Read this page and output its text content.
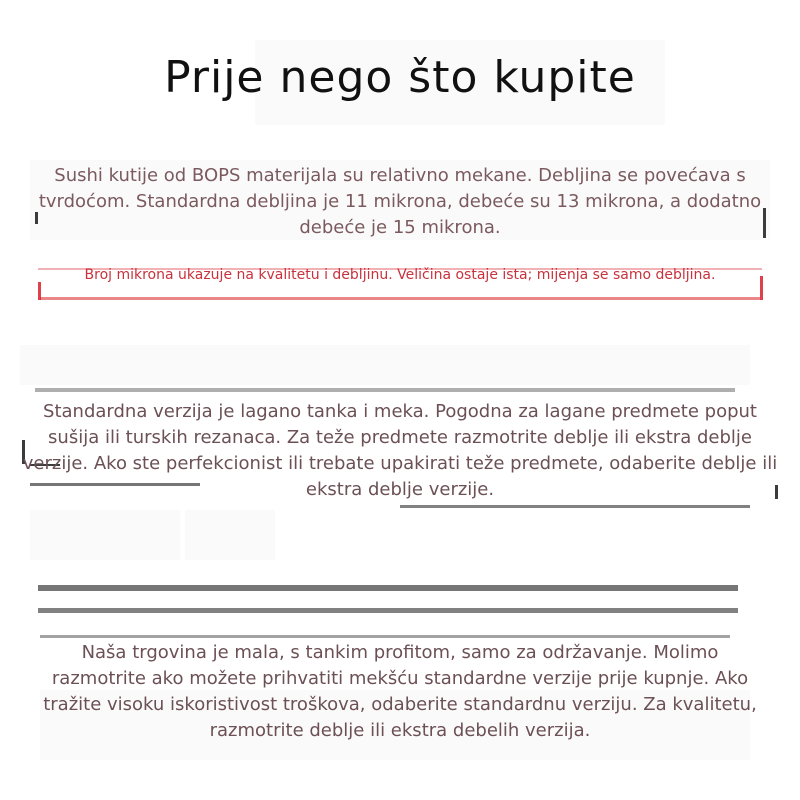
Prije nego što kupite
Sushi kutije od BOPS materijala su relativno mekane. Debljina se povećava s tvrdoćom. Standardna debljina je 11 mikrona, debeće su 13 mikrona, a dodatno debeće je 15 mikrona.
Broj mikrona ukazuje na kvalitetu i debljinu. Veličina ostaje ista; mijenja se samo debljina.
Standardna verzija je lagano tanka i meka. Pogodna za lagane predmete poput sušija ili turskih rezanaca. Za teže predmete razmotrite deblje ili ekstra deblje verzije. Ako ste perfekcionist ili trebate upakirati teže predmete, odaberite deblje ili ekstra deblje verzije.
Naša trgovina je mala, s tankim profitom, samo za održavanje. Molimo razmotrite ako možete prihvatiti mekšću standardne verzije prije kupnje. Ako tražite visoku iskoristivost troškova, odaberite standardnu verziju. Za kvalitetu, razmotrite deblje ili ekstra debelih verzija.
